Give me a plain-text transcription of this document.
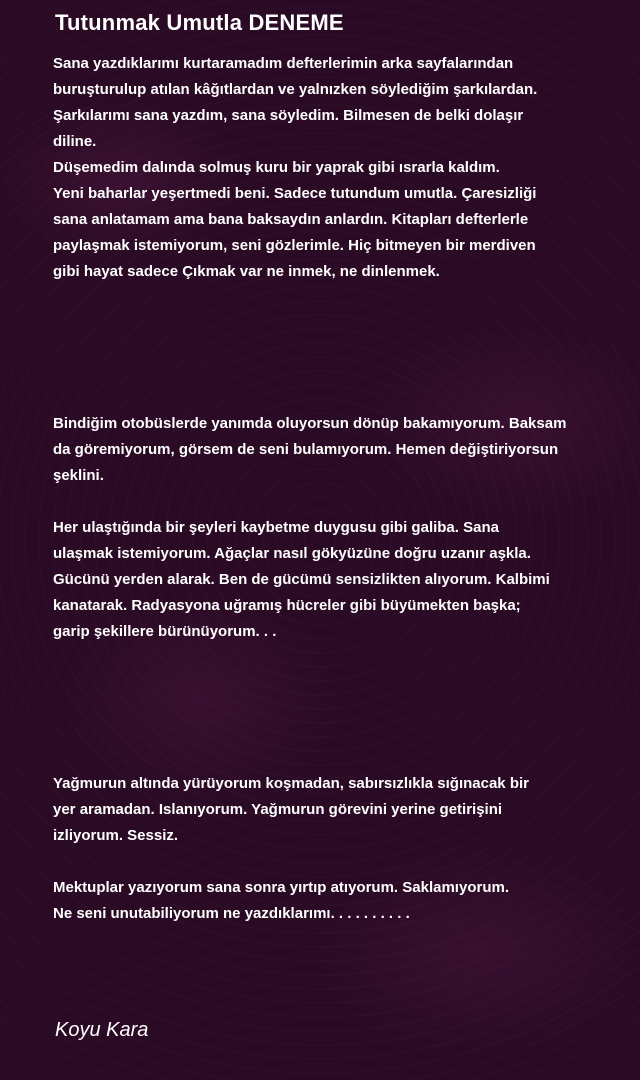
Tutunmak Umutla DENEME
Sana yazdıklarımı kurtaramadım defterlerimin arka sayfalarından
buruşturulup atılan kâğıtlardan ve yalnızken söylediğim şarkılardan.
Şarkılarımı sana yazdım, sana söyledim. Bilmesen de belki dolaşır
diline.
Düşemedim dalında solmuş kuru bir yaprak gibi ısrarla kaldım.
Yeni baharlar yeşertmedi beni. Sadece tutundum umutla. Çaresizliği
sana anlatamam ama bana baksaydın anlardın. Kitapları defterlerle
paylaşmak istemiyorum, seni gözlerimle. Hiç bitmeyen bir merdiven
gibi hayat sadece Çıkmak var ne inmek, ne dinlenmek.
Bindiğim otobüslerde yanımda oluyorsun dönüp bakamıyorum. Baksam
da göremiyorum, görsem de seni bulamıyorum. Hemen değiştiriyorsun
şeklini.
Her ulaştığında bir şeyleri kaybetme duygusu gibi galiba. Sana
ulaşmak istemiyorum. Ağaçlar nasıl gökyüzüne doğru uzanır aşkla.
Gücünü yerden alarak. Ben de gücümü sensizlikten alıyorum. Kalbimi
kanatarak. Radyasyona uğramış hücreler gibi büyümekten başka;
garip şekillere bürünüyorum. . .
Yağmurun altında yürüyorum koşmadan, sabırsızlıkla sığınacak bir
yer aramadan. Islanıyorum. Yağmurun görevini yerine getirişini
izliyorum. Sessiz.
Mektuplar yazıyorum sana sonra yırtıp atıyorum. Saklamıyorum.
Ne seni unutabiliyorum ne yazdıklarımı. . . . . . . . . .
Koyu Kara
